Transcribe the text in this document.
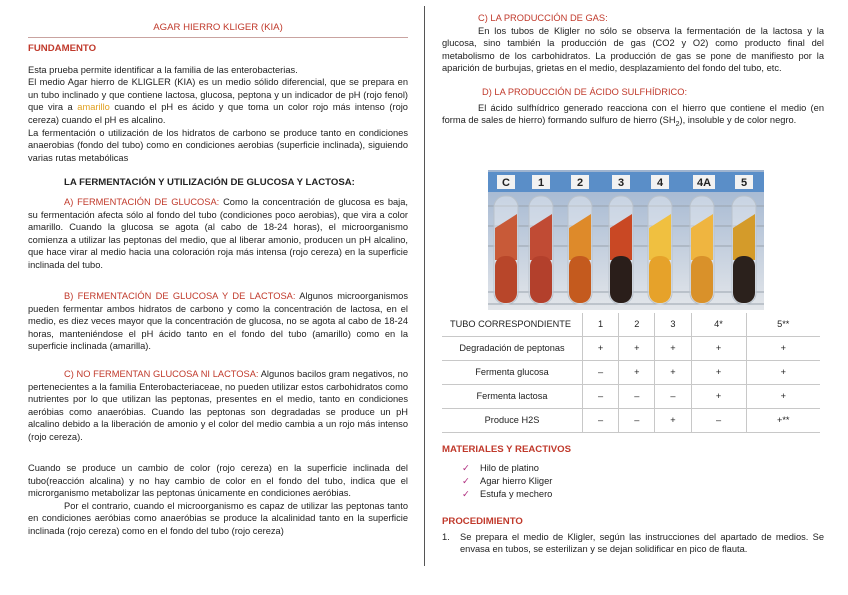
AGAR HIERRO KLIGER (KIA)
FUNDAMENTO

Esta prueba permite identificar a la familia de las enterobacterias.

El medio Agar hierro de KLIGLER (KIA) es un medio sólido diferencial, que se prepara en un tubo inclinado y que contiene lactosa, glucosa, peptona y un indicador de pH (rojo fenol) que vira a amarillo cuando el pH es ácido y que toma un color rojo más intenso (rojo cereza) cuando el pH es alcalino.

La fermentación o utilización de los hidratos de carbono se produce tanto en condiciones anaerobias (fondo del tubo) como en condiciones aerobias (superficie inclinada), siguiendo varias rutas metabólicas

LA FERMENTACIÓN Y UTILIZACIÓN DE GLUCOSA Y LACTOSA:

A) FERMENTACIÓN DE GLUCOSA: Como la concentración de glucosa es baja, su fermentación afecta sólo al fondo del tubo (condiciones poco aerobias), que vira a color amarillo. Cuando la glucosa se agota (al cabo de 18-24 horas), el microorganismo comienza a utilizar las peptonas del medio, que al liberar amonio, producen un pH alcalino, que hace virar al medio hacia una coloración roja más intensa (rojo cereza) en la superficie inclinada del tubo.

B) FERMENTACIÓN DE GLUCOSA Y DE LACTOSA: Algunos microorganismos pueden fermentar ambos hidratos de carbono y como la concentración de lactosa, en el medio, es diez veces mayor que la concentración de glucosa, no se agota al cabo de 18-24 horas, manteniéndose el pH ácido tanto en el fondo del tubo (amarillo) como en la superficie inclinada (amarilla).

C) NO FERMENTAN GLUCOSA NI LACTOSA: Algunos bacilos gram negativos, no pertenecientes a la familia Enterobacteriaceae, no pueden utilizar estos carbohidratos como nutrientes por lo que utilizan las peptonas, presentes en el medio, tanto en condiciones aeróbias como anaeróbias. Cuando las peptonas son degradadas se produce un pH alcalino debido a la liberación de amonio y el color del medio cambia a un rojo más intenso (rojo cereza).

Cuando se produce un cambio de color (rojo cereza) en la superficie inclinada del tubo(reacción alcalina) y no hay cambio de color en el fondo del tubo, indica que el microrganismo metabolizar las peptonas únicamente en condiciones aeróbias.

Por el contrario, cuando el microorganismo es capaz de utilizar las peptonas tanto en condiciones aeróbias como anaeróbias se produce la alcalinidad tanto en la superficie inclinada (rojo cereza) como en el fondo del tubo (rojo cereza)

C) LA PRODUCCIÓN DE GAS:

En los tubos de Kligler no sólo se observa la fermentación de la lactosa y la glucosa, sino también la producción de gas (CO2 y O2) como producto final del metabolismo de los carbohidratos. La producción de gas se pone de manifiesto por la aparición de burbujas, grietas en el medio, desplazamiento del fondo del tubo, etc.

D) LA PRODUCCIÓN DE ÁCIDO SULFHÍDRICO:

El ácido sulfhídrico generado reacciona con el hierro que contiene el medio (en forma de sales de hierro) formando sulfuro de hierro $(SH_2)$, insoluble y de color negro.

C	1	2	3	4	4A	5
TUBO CORRESPONDIENTE	1	2	3	4*	5**
Degradación de peptonas	+	+	+	+	+
Fermenta glucosa	–	+	+	+	+
Fermenta lactosa	–	–	–	+	+
Produce H2S	–	–	+	–	+**
MATERIALES Y REACTIVOS
✓ Hilo de platino
✓ Agar hierro Kliger
✓ Estufa y mechero
PROCEDIMIENTO
1. Se prepara el medio de Kligler, según las instrucciones del apartado de medios. Se envasa en tubos, se esterilizan y se dejan solidificar en pico de flauta.
